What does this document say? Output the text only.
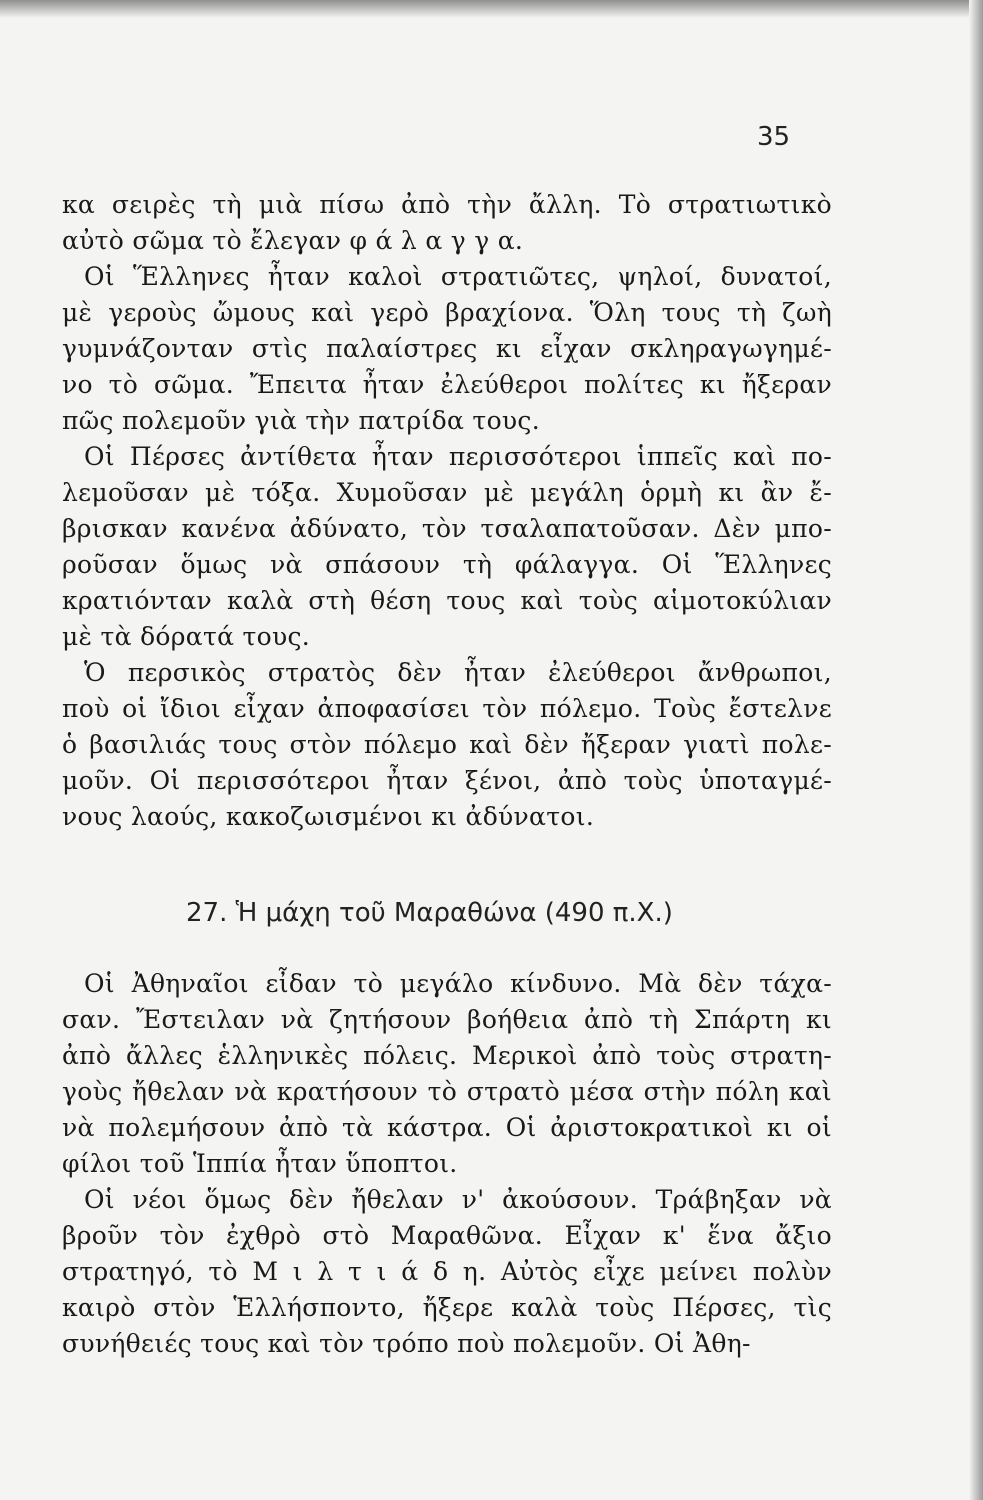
35
κα σειρὲς τὴ μιὰ πίσω ἀπὸ τὴν ἄλλη. Τὸ στρατιωτικὸ
αὐτὸ σῶμα τὸ ἔλεγαν φ ά λ α γ γ α.
Οἱ Ἕλληνες ἦταν καλοὶ στρατιῶτες, ψηλοί, δυνατοί,
μὲ γεροὺς ὤμους καὶ γερὸ βραχίονα. Ὅλη τους τὴ ζωὴ
γυμνάζονταν στὶς παλαίστρες κι εἶχαν σκληραγωγημέ-
νο τὸ σῶμα. Ἔπειτα ἦταν ἐλεύθεροι πολίτες κι ἤξεραν
πῶς πολεμοῦν γιὰ τὴν πατρίδα τους.
Οἱ Πέρσες ἀντίθετα ἦταν περισσότεροι ἱππεῖς καὶ πο-
λεμοῦσαν μὲ τόξα. Χυμοῦσαν μὲ μεγάλη ὁρμὴ κι ἂν ἔ-
βρισκαν κανένα ἀδύνατο, τὸν τσαλαπατοῦσαν. Δὲν μπο-
ροῦσαν ὅμως νὰ σπάσουν τὴ φάλαγγα. Οἱ Ἕλληνες
κρατιόνταν καλὰ στὴ θέση τους καὶ τοὺς αἱμοτοκύλιαν
μὲ τὰ δόρατά τους.
Ὁ περσικὸς στρατὸς δὲν ἦταν ἐλεύθεροι ἄνθρωποι,
ποὺ οἱ ἴδιοι εἶχαν ἀποφασίσει τὸν πόλεμο. Τοὺς ἔστελνε
ὁ βασιλιάς τους στὸν πόλεμο καὶ δὲν ἤξεραν γιατὶ πολε-
μοῦν. Οἱ περισσότεροι ἦταν ξένοι, ἀπὸ τοὺς ὑποταγμέ-
νους λαούς, κακοζωισμένοι κι ἀδύνατοι.
27. Ἡ μάχη τοῦ Μαραθώνα (490 π.Χ.)
Οἱ Ἀθηναῖοι εἶδαν τὸ μεγάλο κίνδυνο. Μὰ δὲν τάχα-
σαν. Ἔστειλαν νὰ ζητήσουν βοήθεια ἀπὸ τὴ Σπάρτη κι
ἀπὸ ἄλλες ἑλληνικὲς πόλεις. Μερικοὶ ἀπὸ τοὺς στρατη-
γοὺς ἤθελαν νὰ κρατήσουν τὸ στρατὸ μέσα στὴν πόλη καὶ
νὰ πολεμήσουν ἀπὸ τὰ κάστρα. Οἱ ἀριστοκρατικοὶ κι οἱ
φίλοι τοῦ Ἱππία ἦταν ὕποπτοι.
Οἱ νέοι ὅμως δὲν ἤθελαν ν' ἀκούσουν. Τράβηξαν νὰ
βροῦν τὸν ἐχθρὸ στὸ Μαραθῶνα. Εἶχαν κ' ἕνα ἄξιο
στρατηγό, τὸ Μ ι λ τ ι ά δ η. Αὐτὸς εἶχε μείνει πολὺν
καιρὸ στὸν Ἑλλήσποντο, ἤξερε καλὰ τοὺς Πέρσες, τὶς
συνήθειές τους καὶ τὸν τρόπο ποὺ πολεμοῦν. Οἱ Ἀθη-
